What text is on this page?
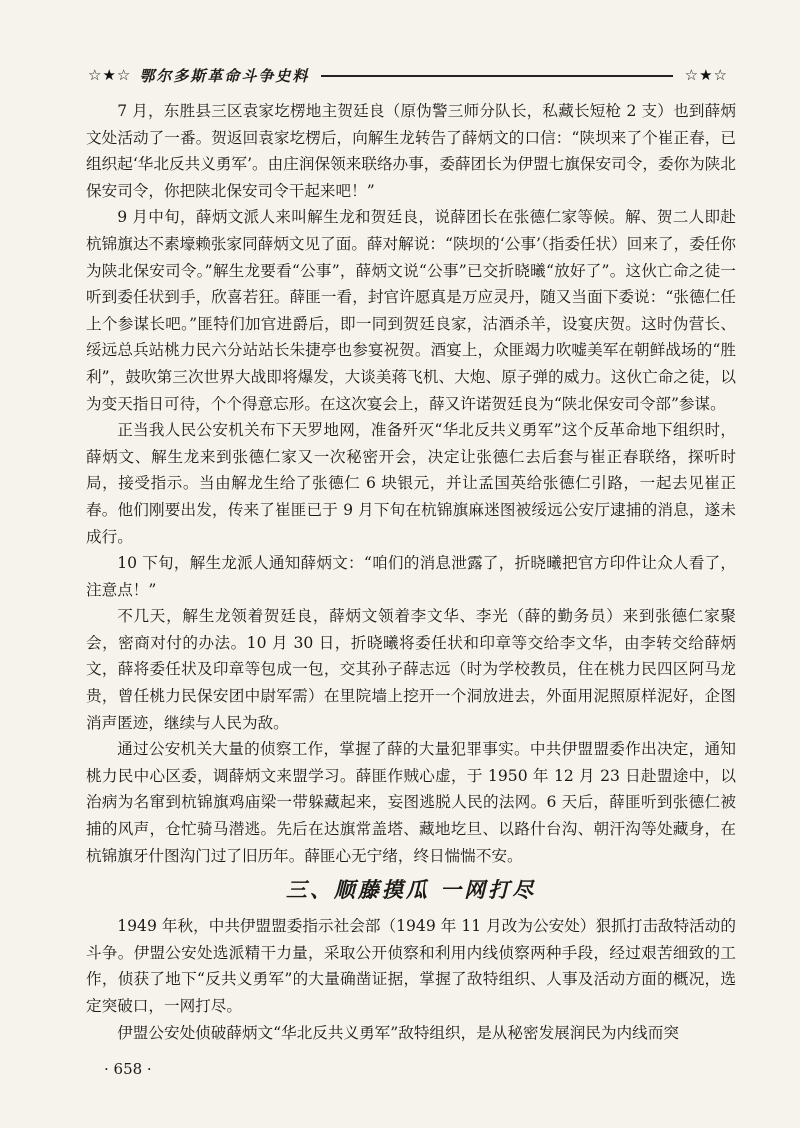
☆★☆ 鄂尔多斯革命斗争史料	☆★☆

7 月，东胜县三区袁家圪楞地主贺廷良（原伪警三师分队长，私藏长短枪 2 支）也到薛炳文处活动了一番。贺返回袁家圪楞后，向解生龙转告了薛炳文的口信：“陕坝来了个崔正春，已组织起‘华北反共义勇军’。由庄润保领来联络办事，委薛团长为伊盟七旗保安司令，委你为陕北保安司令，你把陕北保安司令干起来吧！”

9 月中旬，薛炳文派人来叫解生龙和贺廷良，说薛团长在张德仁家等候。解、贺二人即赴杭锦旗达不素壕赖张家同薛炳文见了面。薛对解说：“陕坝的‘公事’（指委任状）回来了，委任你为陕北保安司令。”解生龙要看“公事”，薛炳文说“公事”已交折晓曦“放好了”。这伙亡命之徒一听到委任状到手，欣喜若狂。薛匪一看，封官许愿真是万应灵丹，随又当面下委说：“张德仁任上个参谋长吧。”匪特们加官进爵后，即一同到贺廷良家，沽酒杀羊，设宴庆贺。这时伪营长、绥远总兵站桃力民六分站站长朱捷亭也参宴祝贺。酒宴上，众匪竭力吹嘘美军在朝鲜战场的“胜利”，鼓吹第三次世界大战即将爆发，大谈美蒋飞机、大炮、原子弹的威力。这伙亡命之徒，以为变天指日可待，个个得意忘形。在这次宴会上，薛又许诺贺廷良为“陕北保安司令部”参谋。

正当我人民公安机关布下天罗地网，准备歼灭“华北反共义勇军”这个反革命地下组织时，薛炳文、解生龙来到张德仁家又一次秘密开会，决定让张德仁去后套与崔正春联络，探听时局，接受指示。当由解龙生给了张德仁 6 块银元，并让孟国英给张德仁引路，一起去见崔正春。他们刚要出发，传来了崔匪已于 9 月下旬在杭锦旗麻迷图被绥远公安厅逮捕的消息，遂未成行。

10 下旬，解生龙派人通知薛炳文：“咱们的消息泄露了，折晓曦把官方印件让众人看了，注意点！”

不几天，解生龙领着贺廷良，薛炳文领着李文华、李光（薛的勤务员）来到张德仁家聚会，密商对付的办法。10 月 30 日，折晓曦将委任状和印章等交给李文华，由李转交给薛炳文，薛将委任状及印章等包成一包，交其孙子薛志远（时为学校教员，住在桃力民四区阿马龙贵，曾任桃力民保安团中尉军需）在里院墙上挖开一个洞放进去，外面用泥照原样泥好，企图消声匿迹，继续与人民为敌。

通过公安机关大量的侦察工作，掌握了薛的大量犯罪事实。中共伊盟盟委作出决定，通知桃力民中心区委，调薛炳文来盟学习。薛匪作贼心虚，于 1950 年 12 月 23 日赴盟途中，以治病为名窜到杭锦旗鸡庙梁一带躲藏起来，妄图逃脱人民的法网。6 天后，薛匪听到张德仁被捕的风声，仓忙骑马潜逃。先后在达旗常盖塔、藏地圪旦、以路什台沟、朝汗沟等处藏身，在杭锦旗牙什图沟门过了旧历年。薛匪心无宁绪，终日惴惴不安。

三、顺藤摸瓜 一网打尽

1949 年秋，中共伊盟盟委指示社会部（1949 年 11 月改为公安处）狠抓打击敌特活动的斗争。伊盟公安处选派精干力量，采取公开侦察和利用内线侦察两种手段，经过艰苦细致的工作，侦获了地下“反共义勇军”的大量确凿证据，掌握了敌特组织、人事及活动方面的概况，选定突破口，一网打尽。

伊盟公安处侦破薛炳文“华北反共义勇军”敌特组织，是从秘密发展润民为内线而突

· 658 ·
